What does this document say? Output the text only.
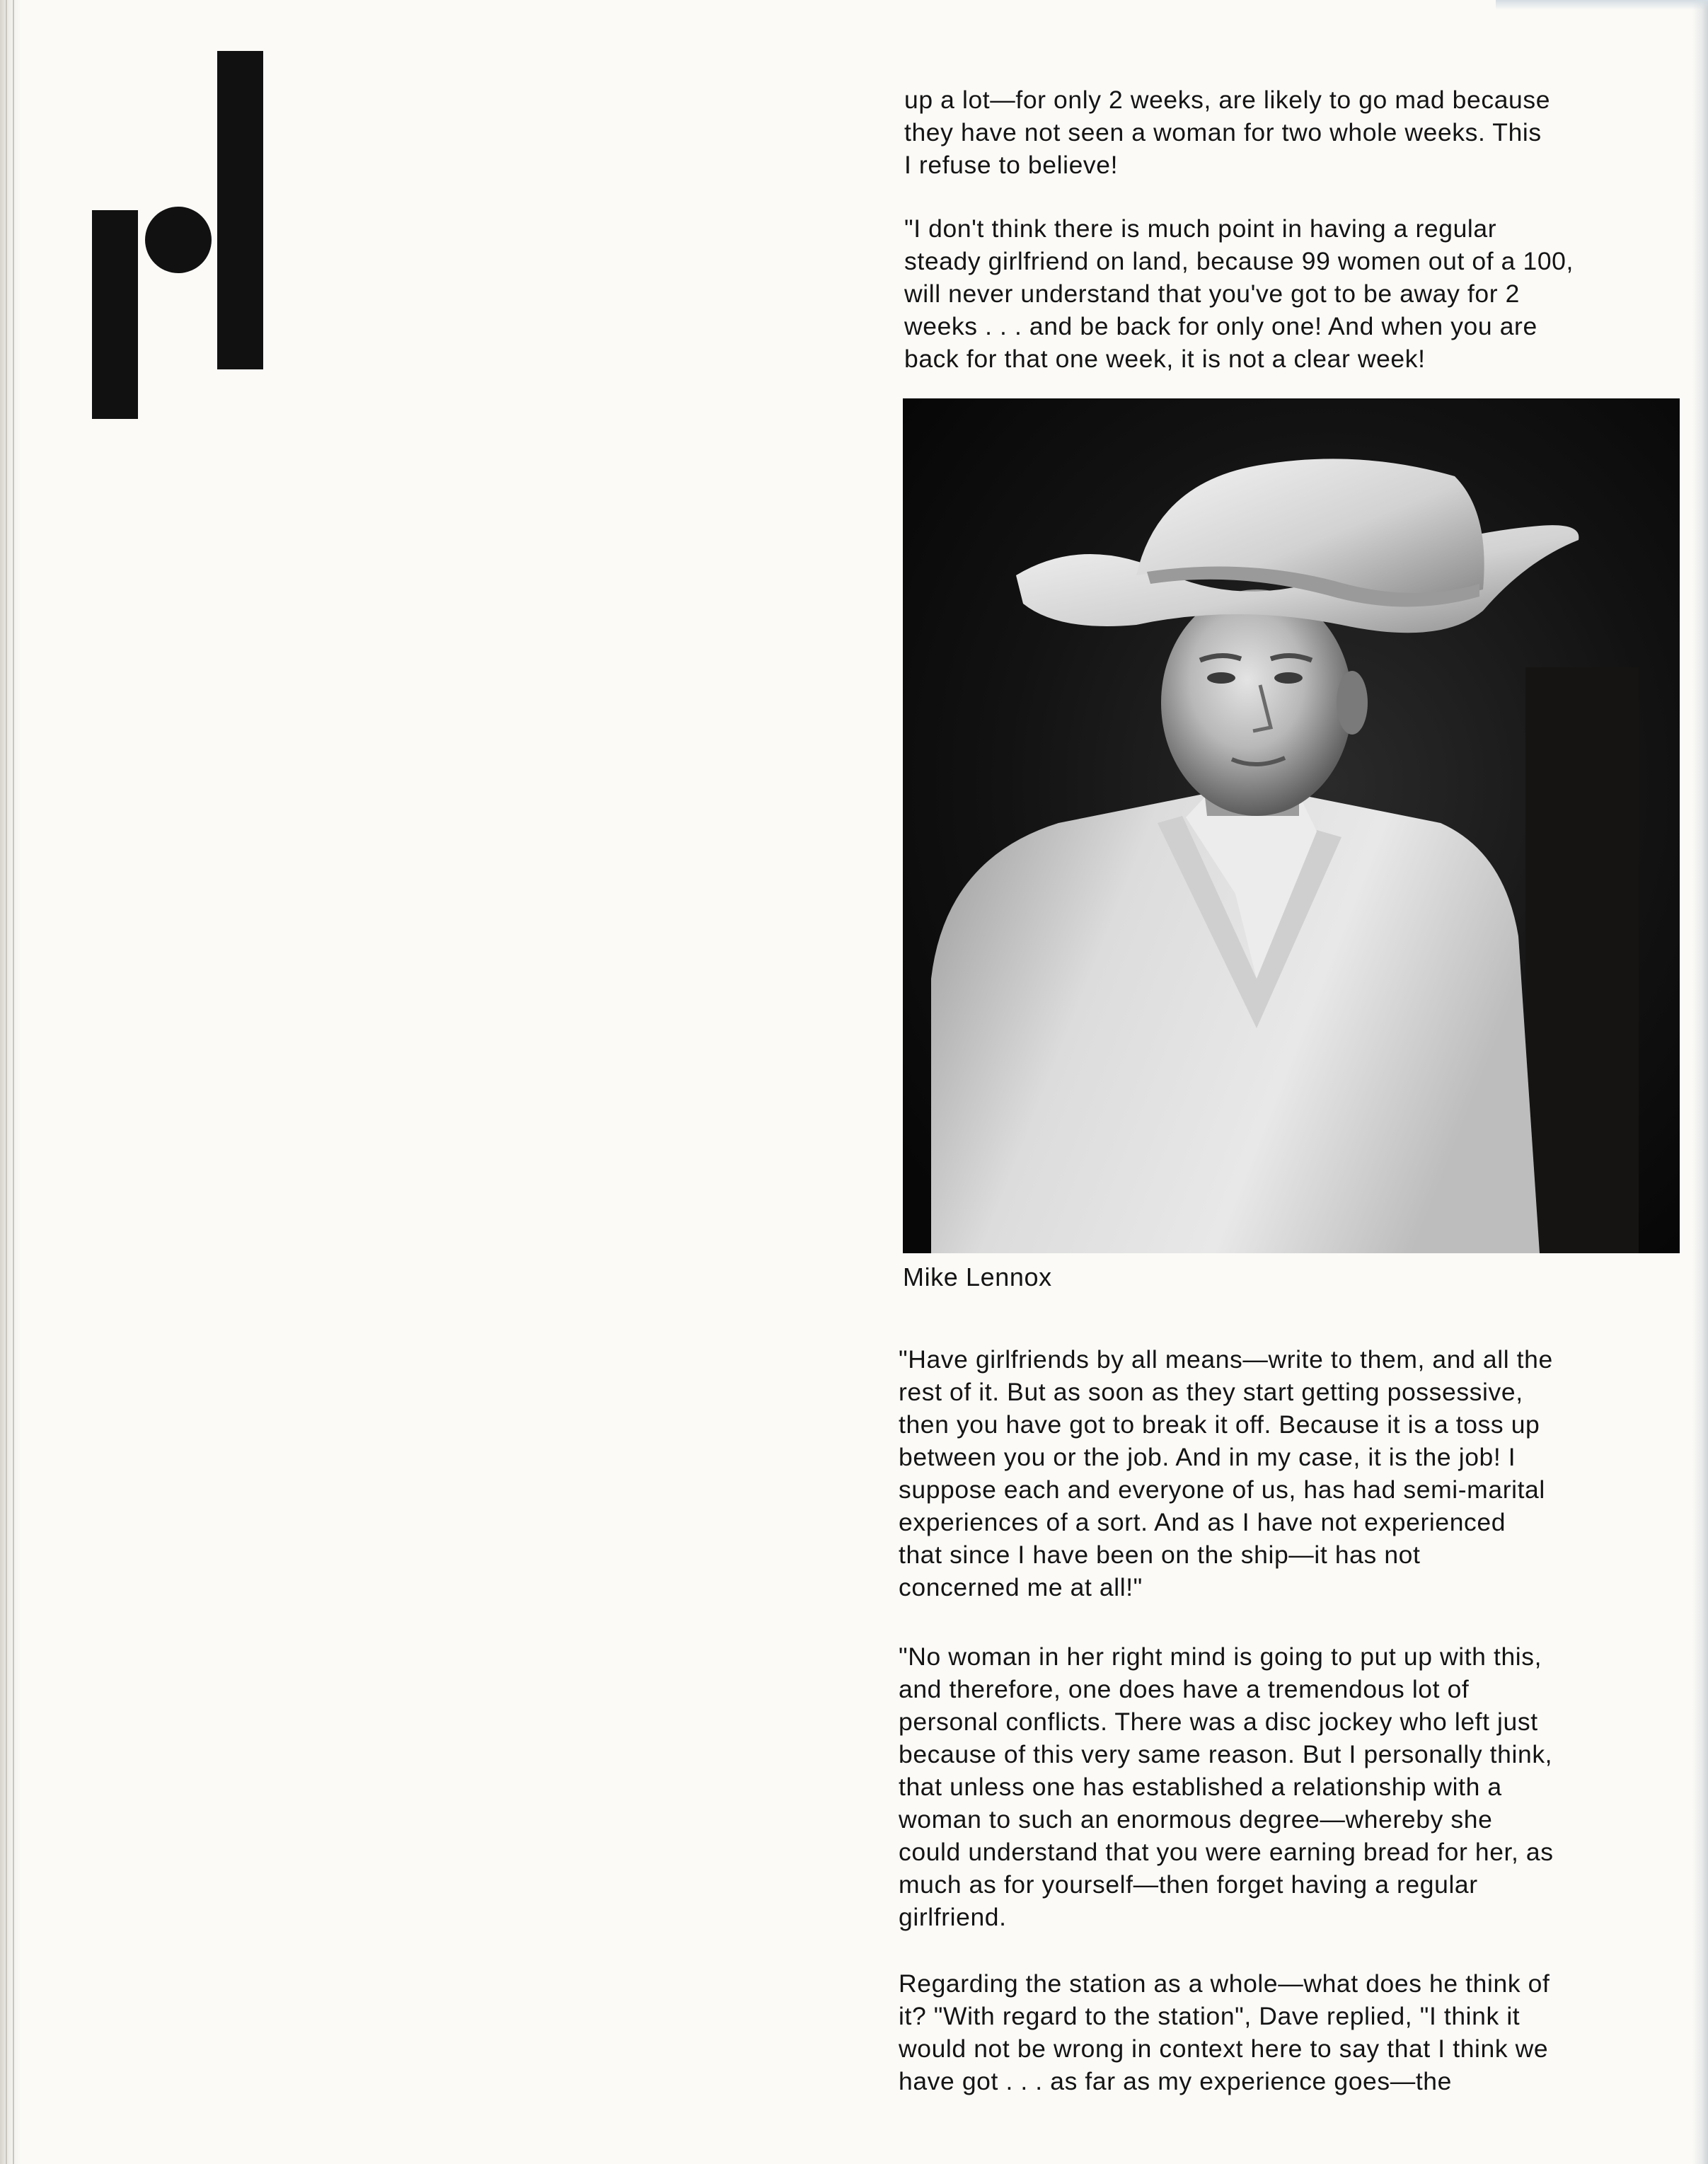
up a lot—for only 2 weeks, are likely to go mad because
they have not seen a woman for two whole weeks. This
I refuse to believe!

"I don't think there is much point in having a regular
steady girlfriend on land, because 99 women out of a 100,
will never understand that you've got to be away for 2
weeks . . . and be back for only one! And when you are
back for that one week, it is not a clear week!

Mike Lennox

"Have girlfriends by all means—write to them, and all the
rest of it. But as soon as they start getting possessive,
then you have got to break it off. Because it is a toss up
between you or the job. And in my case, it is the job! I
suppose each and everyone of us, has had semi-marital
experiences of a sort. And as I have not experienced
that since I have been on the ship—it has not
concerned me at all!"

"No woman in her right mind is going to put up with this,
and therefore, one does have a tremendous lot of
personal conflicts. There was a disc jockey who left just
because of this very same reason. But I personally think,
that unless one has established a relationship with a
woman to such an enormous degree—whereby she
could understand that you were earning bread for her, as
much as for yourself—then forget having a regular
girlfriend.

Regarding the station as a whole—what does he think of
it? "With regard to the station", Dave replied, "I think it
would not be wrong in context here to say that I think we
have got . . . as far as my experience goes—the
